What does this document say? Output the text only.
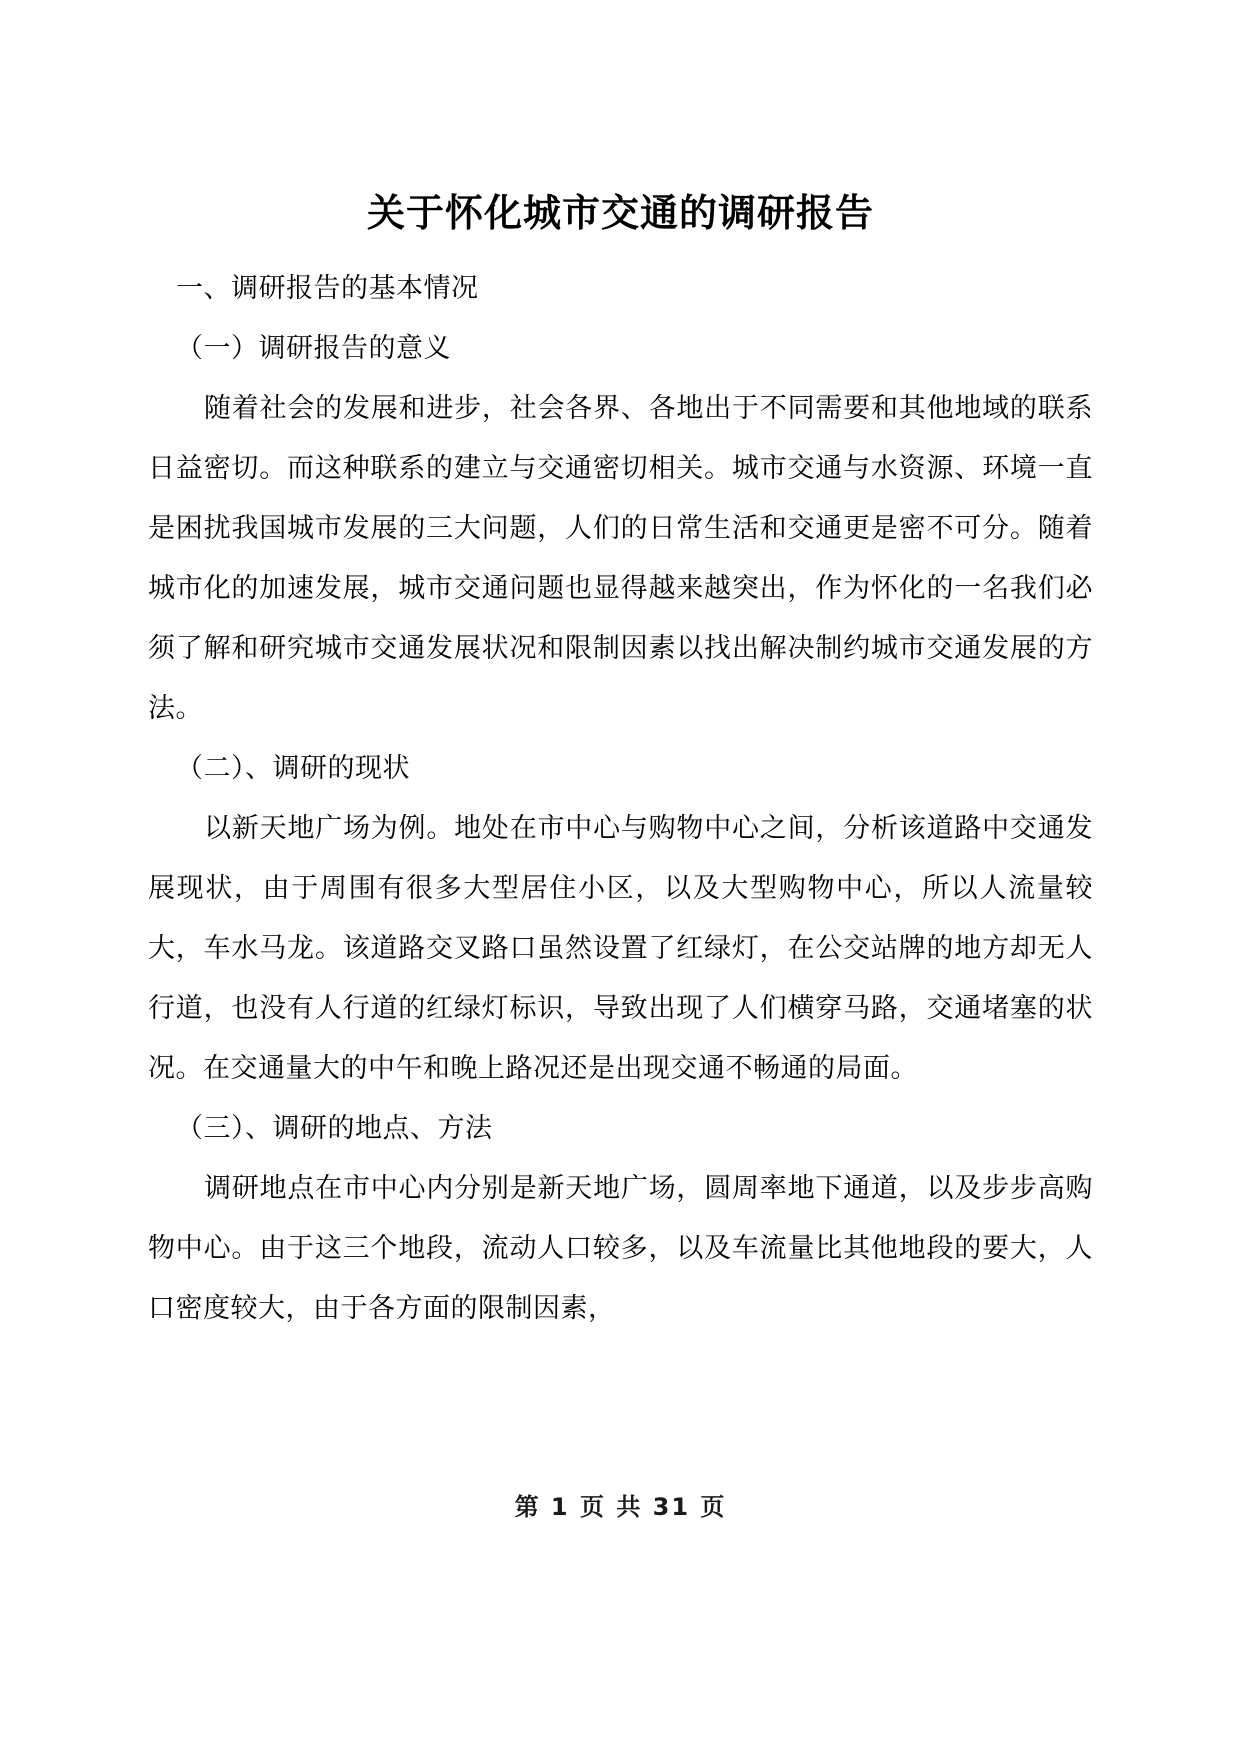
关于怀化城市交通的调研报告

一、调研报告的基本情况

（一）调研报告的意义

随着社会的发展和进步，社会各界、各地出于不同需要和其他地域的联系日益密切。而这种联系的建立与交通密切相关。城市交通与水资源、环境一直是困扰我国城市发展的三大问题，人们的日常生活和交通更是密不可分。随着城市化的加速发展，城市交通问题也显得越来越突出，作为怀化的一名我们必须了解和研究城市交通发展状况和限制因素以找出解决制约城市交通发展的方法。

（二）、调研的现状

以新天地广场为例。地处在市中心与购物中心之间，分析该道路中交通发展现状，由于周围有很多大型居住小区，以及大型购物中心，所以人流量较大，车水马龙。该道路交叉路口虽然设置了红绿灯，在公交站牌的地方却无人行道，也没有人行道的红绿灯标识，导致出现了人们横穿马路，交通堵塞的状况。在交通量大的中午和晚上路况还是出现交通不畅通的局面。

（三）、调研的地点、方法

调研地点在市中心内分别是新天地广场，圆周率地下通道，以及步步高购物中心。由于这三个地段，流动人口较多，以及车流量比其他地段的要大，人口密度较大，由于各方面的限制因素，

第 1 页 共 31 页
